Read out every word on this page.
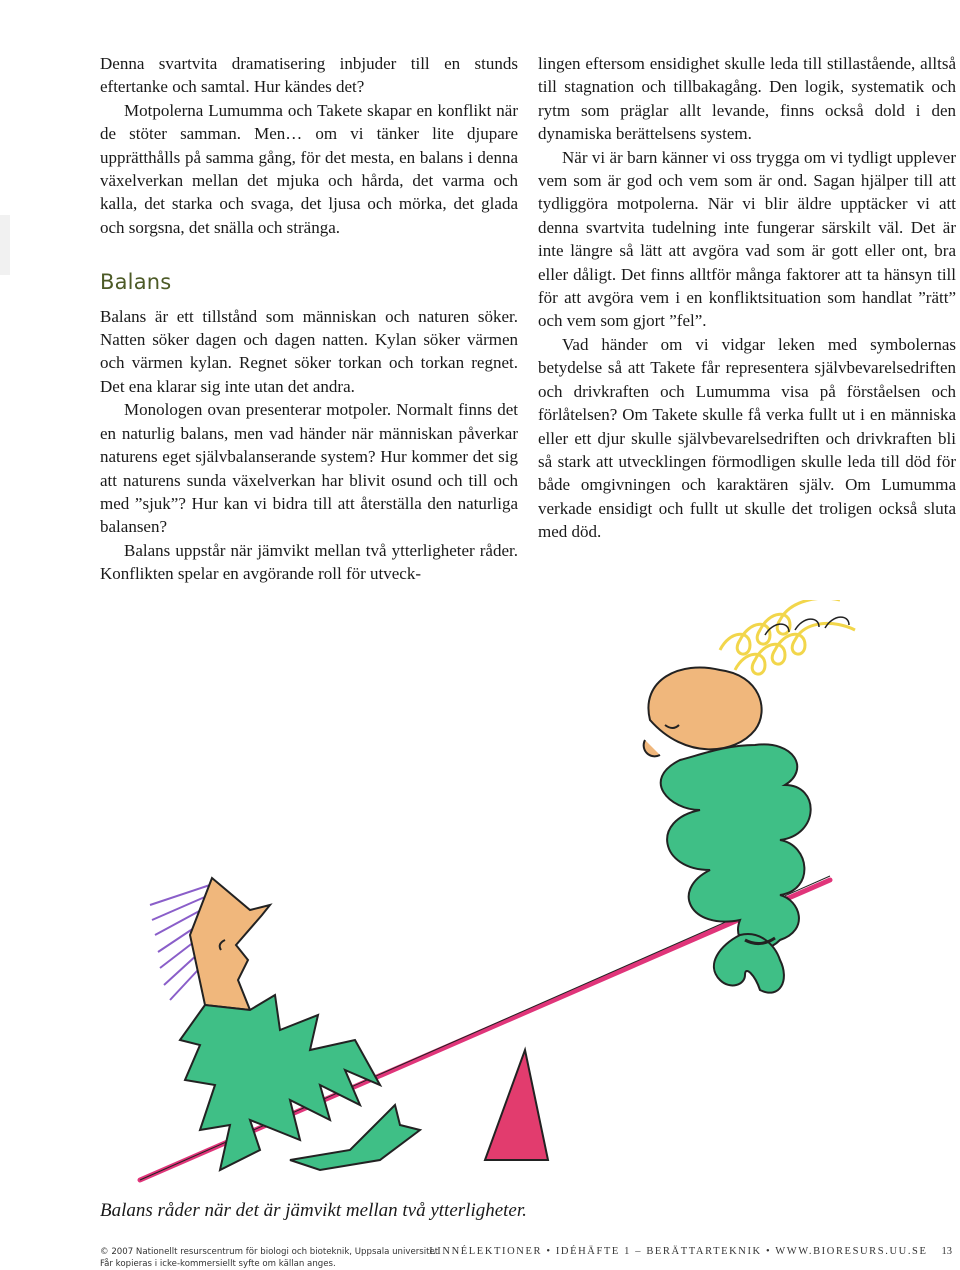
Denna svartvita dramatisering inbjuder till en stunds eftertanke och samtal. Hur kändes det?

Motpolerna Lumumma och Takete skapar en konflikt när de stöter samman. Men… om vi tänker lite djupare upprätthålls på samma gång, för det mesta, en balans i denna växelverkan mellan det mjuka och hårda, det varma och kalla, det starka och svaga, det ljusa och mörka, det glada och sorgsna, det snälla och stränga.

Balans

Balans är ett tillstånd som människan och naturen söker. Natten söker dagen och dagen natten. Kylan söker värmen och värmen kylan. Regnet söker torkan och torkan regnet. Det ena klarar sig inte utan det andra.

Monologen ovan presenterar motpoler. Normalt finns det en naturlig balans, men vad händer när människan påverkar naturens eget självbalanserande system? Hur kommer det sig att naturens sunda växelverkan har blivit osund och till och med ”sjuk”? Hur kan vi bidra till att återställa den naturliga balansen?

Balans uppstår när jämvikt mellan två ytterligheter råder. Konflikten spelar en avgörande roll för utveck-

lingen eftersom ensidighet skulle leda till stillastående, alltså till stagnation och tillbakagång. Den logik, systematik och rytm som präglar allt levande, finns också dold i den dynamiska berättelsens system.

När vi är barn känner vi oss trygga om vi tydligt upplever vem som är god och vem som är ond. Sagan hjälper till att tydliggöra motpolerna. När vi blir äldre upptäcker vi att denna svartvita tudelning inte fungerar särskilt väl. Det är inte längre så lätt att avgöra vad som är gott eller ont, bra eller dåligt. Det finns alltför många faktorer att ta hänsyn till för att avgöra vem i en konfliktsituation som handlat ”rätt” och vem som gjort ”fel”.

Vad händer om vi vidgar leken med symbolernas betydelse så att Takete får representera självbevarelsedriften och drivkraften och Lumumma visa på förståelsen och förlåtelsen? Om Takete skulle få verka fullt ut i en människa eller ett djur skulle självbevarelsedriften och drivkraften bli så stark att utvecklingen förmodligen skulle leda till död för både omgivningen och karaktären själv. Om Lumumma verkade ensidigt och fullt ut skulle det troligen också sluta med död.

Balans råder när det är jämvikt mellan två ytterligheter.
© 2007 Nationellt resurscentrum för biologi och bioteknik, Uppsala universitet
Får kopieras i icke-kommersiellt syfte om källan anges.
LINNÉLEKTIONER • IDÉHÄFTE 1 – BERÄTTARTEKNIK • WWW.BIORESURS.UU.SE 13
